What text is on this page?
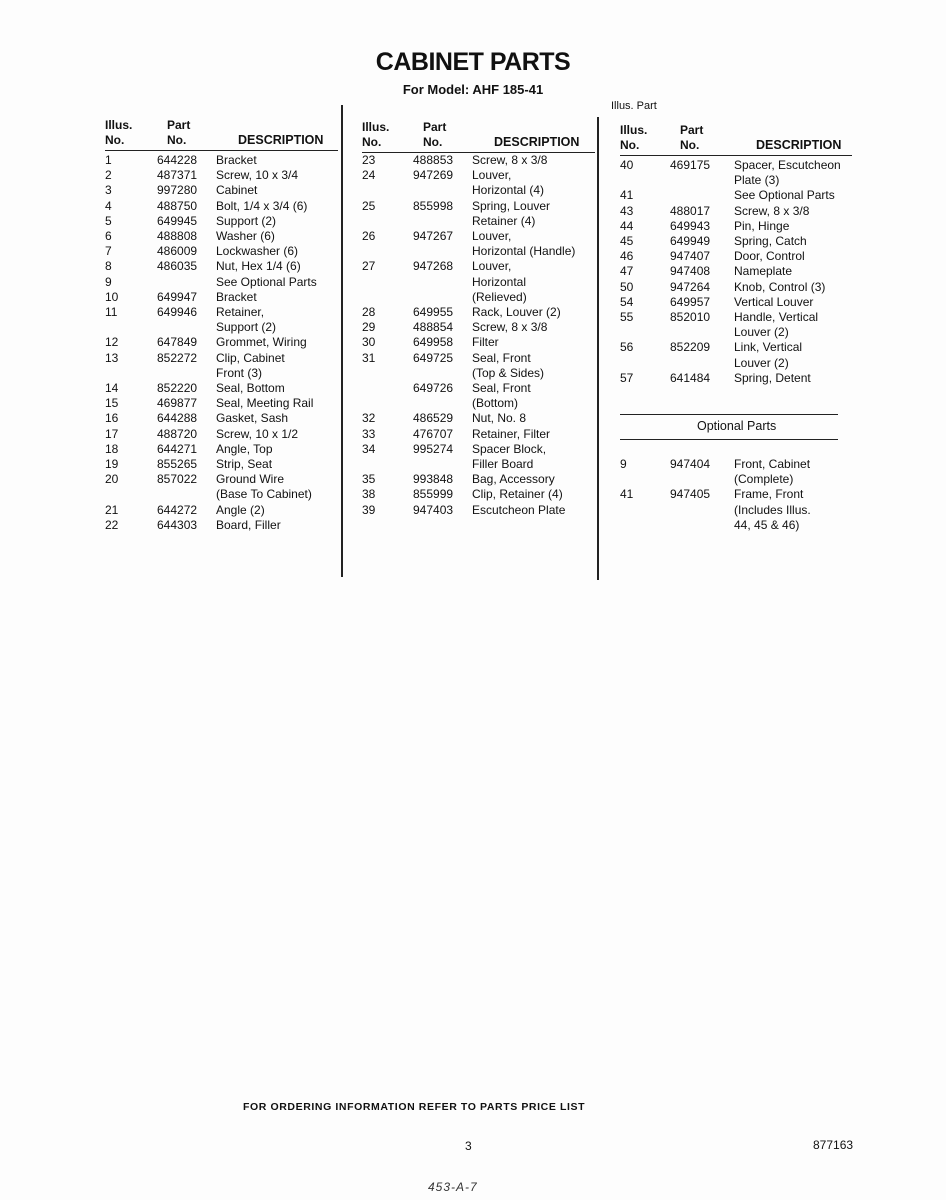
CABINET PARTS
For Model: AHF 185-41
Illus. Part
Optional Parts
FOR ORDERING INFORMATION REFER TO PARTS PRICE LIST
3	877163
453-A-7
Illus.
No.
Part
No.	DESCRIPTION
1	644228 Bracket
2	487371 Screw, 10 x 3/4
3	997280 Cabinet
4	488750 Bolt, 1/4 x 3/4 (6)
5	649945 Support (2)
6	488808 Washer (6)
7	486009 Lockwasher (6)
8	486035 Nut, Hex 1/4 (6)
9	See Optional Parts
10	649947 Bracket
11	649946 Retainer,
Support (2)
12	647849 Grommet, Wiring
13	852272 Clip, Cabinet
Front (3)
14	852220 Seal, Bottom
15	469877 Seal, Meeting Rail
16	644288 Gasket, Sash
17	488720 Screw, 10 x 1/2
18	644271 Angle, Top
19	855265 Strip, Seat
20	857022 Ground Wire
(Base To Cabinet)
21	644272 Angle (2)
22	644303 Board, Filler
Illus.
No.
Part
No.	DESCRIPTION
23	488853 Screw, 8 x 3/8
24	947269 Louver,
Horizontal (4)
25	855998 Spring, Louver
Retainer (4)
26	947267 Louver,
Horizontal (Handle)
27	947268 Louver,
Horizontal
(Relieved)
28	649955 Rack, Louver (2)
29	488854 Screw, 8 x 3/8
30	649958 Filter
31	649725 Seal, Front
(Top & Sides)
649726 Seal, Front
(Bottom)
32	486529 Nut, No. 8
33	476707 Retainer, Filter
34	995274 Spacer Block,
Filler Board
35	993848 Bag, Accessory
38	855999 Clip, Retainer (4)
39	947403 Escutcheon Plate
Illus.
No.
Part
No.	DESCRIPTION
40	469175 Spacer, Escutcheon
Plate (3)
41	See Optional Parts
43	488017 Screw, 8 x 3/8
44	649943 Pin, Hinge
45	649949 Spring, Catch
46	947407 Door, Control
47	947408 Nameplate
50	947264 Knob, Control (3)
54	649957 Vertical Louver
55	852010 Handle, Vertical
Louver (2)
56	852209 Link, Vertical
Louver (2)
57	641484 Spring, Detent
9	947404 Front, Cabinet
(Complete)
41	947405 Frame, Front
(Includes Illus.
44, 45 & 46)
